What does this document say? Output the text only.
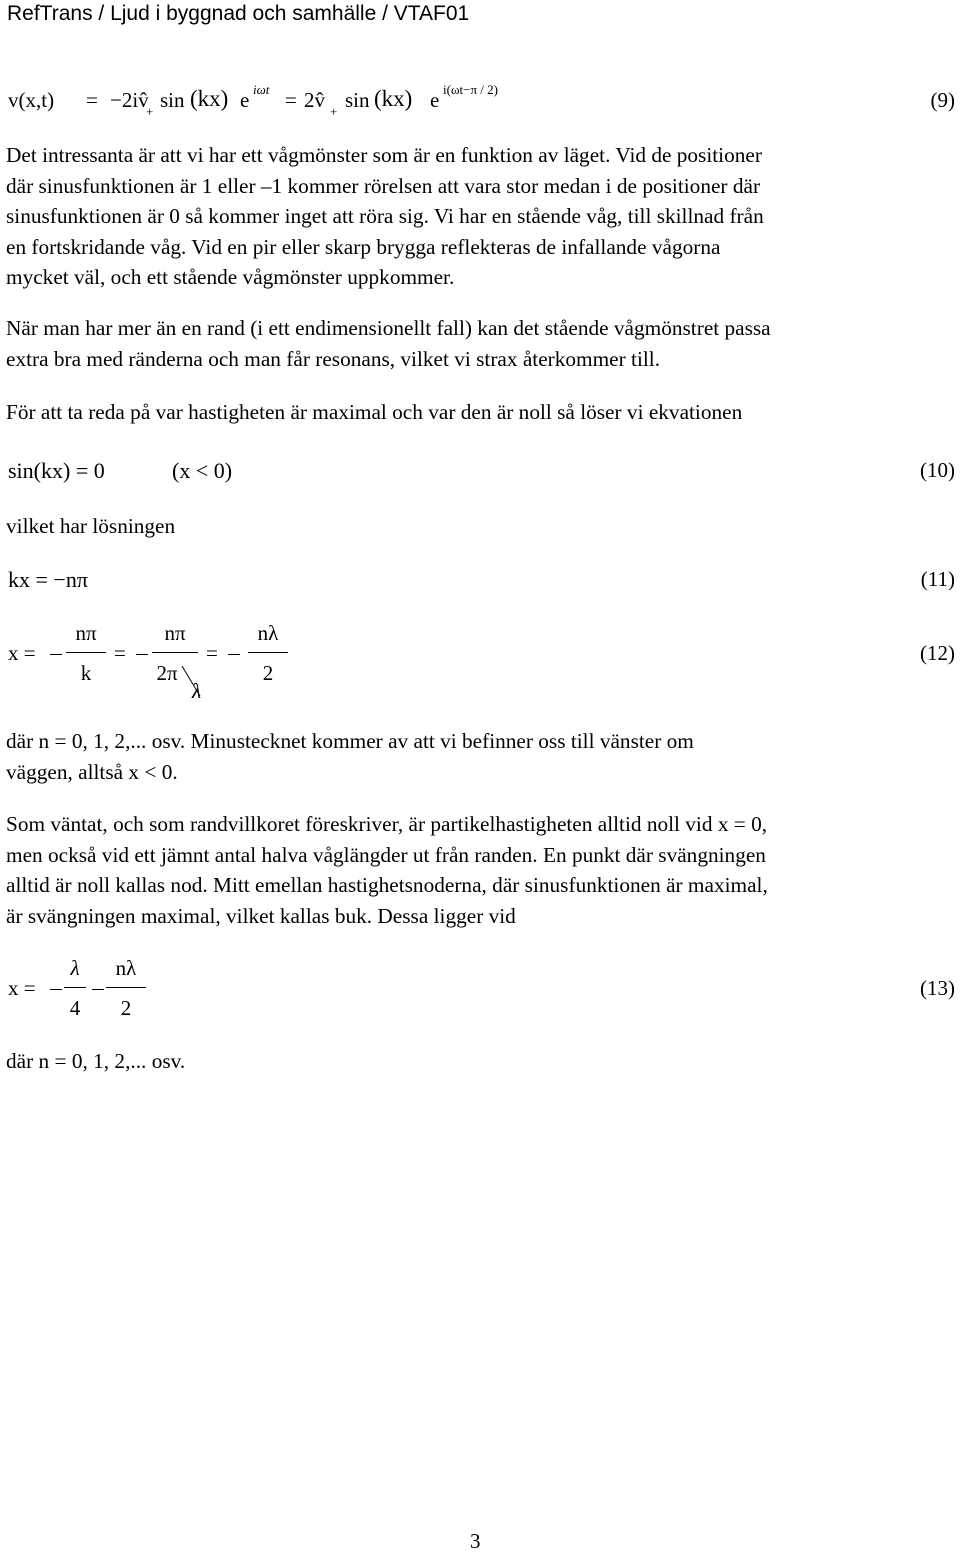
RefTrans / Ljud i byggnad och samhälle / VTAF01
v(x,t) = −2iv̂
+ sin (kx) e iωt = 2v̂ + sin (kx) e i(ωt−π / 2)	(9)
Det intressanta är att vi har ett vågmönster som är en funktion av läget. Vid de positioner
där sinusfunktionen är 1 eller –1 kommer rörelsen att vara stor medan i de positioner där
sinusfunktionen är 0 så kommer inget att röra sig. Vi har en stående våg, till skillnad från
en fortskridande våg. Vid en pir eller skarp brygga reflekteras de infallande vågorna
mycket väl, och ett stående vågmönster uppkommer.
När man har mer än en rand (i ett endimensionellt fall) kan det stående vågmönstret passa
extra bra med ränderna och man får resonans, vilket vi strax återkommer till.
För att ta reda på var hastigheten är maximal och var den är noll så löser vi ekvationen
sin(kx) = 0	(x < 0)	(10)
vilket har lösningen
kx = −nπ	(11)
x =
nπ
k
=
nπ
2π
λ
=
nλ
2
(12)
där n = 0, 1, 2,... osv. Minustecknet kommer av att vi befinner oss till vänster om
väggen, alltså x < 0.
Som väntat, och som randvillkoret föreskriver, är partikelhastigheten alltid noll vid x = 0,
men också vid ett jämnt antal halva våglängder ut från randen. En punkt där svängningen
alltid är noll kallas nod. Mitt emellan hastighetsnoderna, där sinusfunktionen är maximal,
är svängningen maximal, vilket kallas buk. Dessa ligger vid
x =
λ
4
nλ
2
(13)
där n = 0, 1, 2,... osv.
3
